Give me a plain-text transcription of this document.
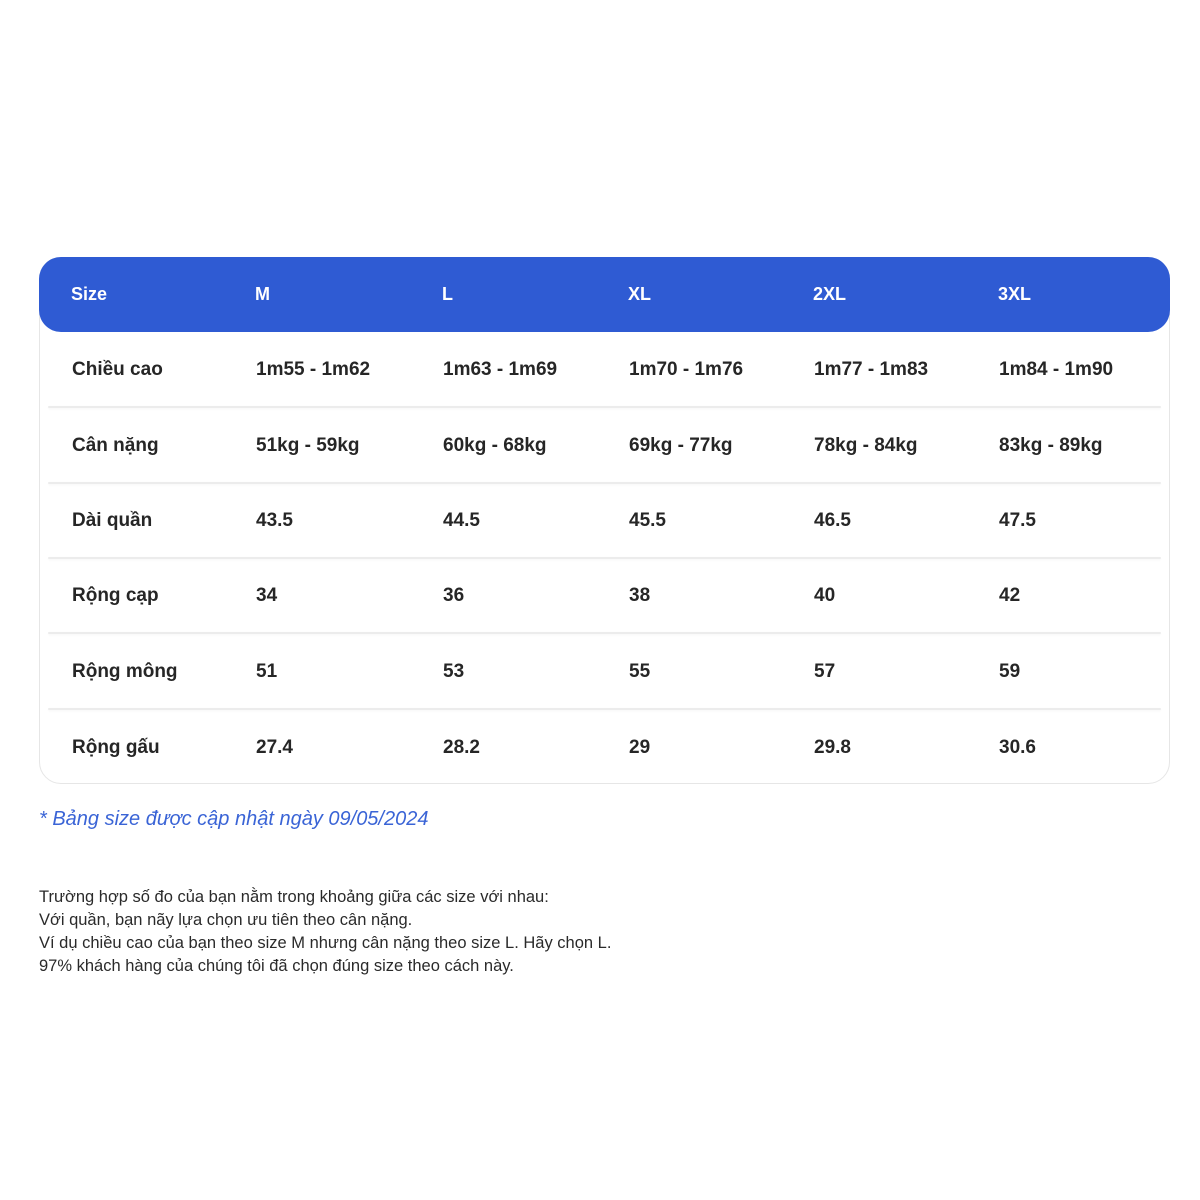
Size	M	L	XL	2XL	3XL
Chiều cao	1m55 - 1m62	1m63 - 1m69	1m70 - 1m76	1m77 - 1m83	1m84 - 1m90
Cân nặng	51kg - 59kg	60kg - 68kg	69kg - 77kg	78kg - 84kg	83kg - 89kg
Dài quần	43.5	44.5	45.5	46.5	47.5
Rộng cạp	34	36	38	40	42
Rộng mông	51	53	55	57	59
Rộng gấu	27.4	28.2	29	29.8	30.6
* Bảng size được cập nhật ngày 09/05/2024
Trường hợp số đo của bạn nằm trong khoảng giữa các size với nhau:
Với quần, bạn nãy lựa chọn ưu tiên theo cân nặng.
Ví dụ chiều cao của bạn theo size M nhưng cân nặng theo size L. Hãy chọn L.
97% khách hàng của chúng tôi đã chọn đúng size theo cách này.
